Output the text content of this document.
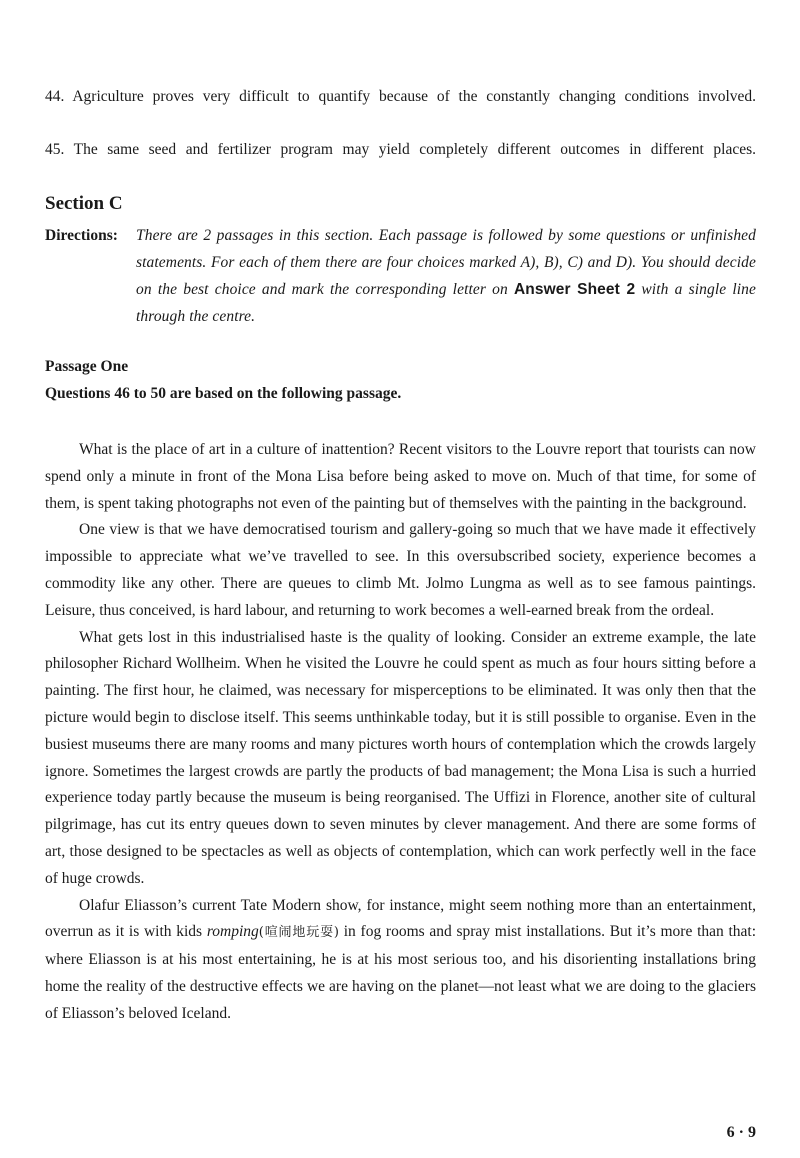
44. Agriculture proves very difficult to quantify because of the constantly changing conditions involved.
45. The same seed and fertilizer program may yield completely different outcomes in different places.
Section C
Directions: There are 2 passages in this section. Each passage is followed by some questions or unfinished statements. For each of them there are four choices marked A), B), C) and D). You should decide on the best choice and mark the corresponding letter on Answer Sheet 2 with a single line through the centre.
Passage One
Questions 46 to 50 are based on the following passage.

What is the place of art in a culture of inattention? Recent visitors to the Louvre report that tourists can now spend only a minute in front of the Mona Lisa before being asked to move on. Much of that time, for some of them, is spent taking photographs not even of the painting but of themselves with the painting in the background.

One view is that we have democratised tourism and gallery-going so much that we have made it effectively impossible to appreciate what we’ve travelled to see. In this oversubscribed society, experience becomes a commodity like any other. There are queues to climb Mt. Jolmo Lungma as well as to see famous paintings. Leisure, thus conceived, is hard labour, and returning to work becomes a well-earned break from the ordeal.

What gets lost in this industrialised haste is the quality of looking. Consider an extreme example, the late philosopher Richard Wollheim. When he visited the Louvre he could spent as much as four hours sitting before a painting. The first hour, he claimed, was necessary for misperceptions to be eliminated. It was only then that the picture would begin to disclose itself. This seems unthinkable today, but it is still possible to organise. Even in the busiest museums there are many rooms and many pictures worth hours of contemplation which the crowds largely ignore. Sometimes the largest crowds are partly the products of bad management; the Mona Lisa is such a hurried experience today partly because the museum is being reorganised. The Uffizi in Florence, another site of cultural pilgrimage, has cut its entry queues down to seven minutes by clever management. And there are some forms of art, those designed to be spectacles as well as objects of contemplation, which can work perfectly well in the face of huge crowds.

Olafur Eliasson’s current Tate Modern show, for instance, might seem nothing more than an entertainment, overrun as it is with kids romping(喧闹地玩耍) in fog rooms and spray mist installations. But it’s more than that: where Eliasson is at his most entertaining, he is at his most serious too, and his disorienting installations bring home the reality of the destructive effects we are having on the planet—not least what we are doing to the glaciers of Eliasson’s beloved Iceland.

6 · 9
